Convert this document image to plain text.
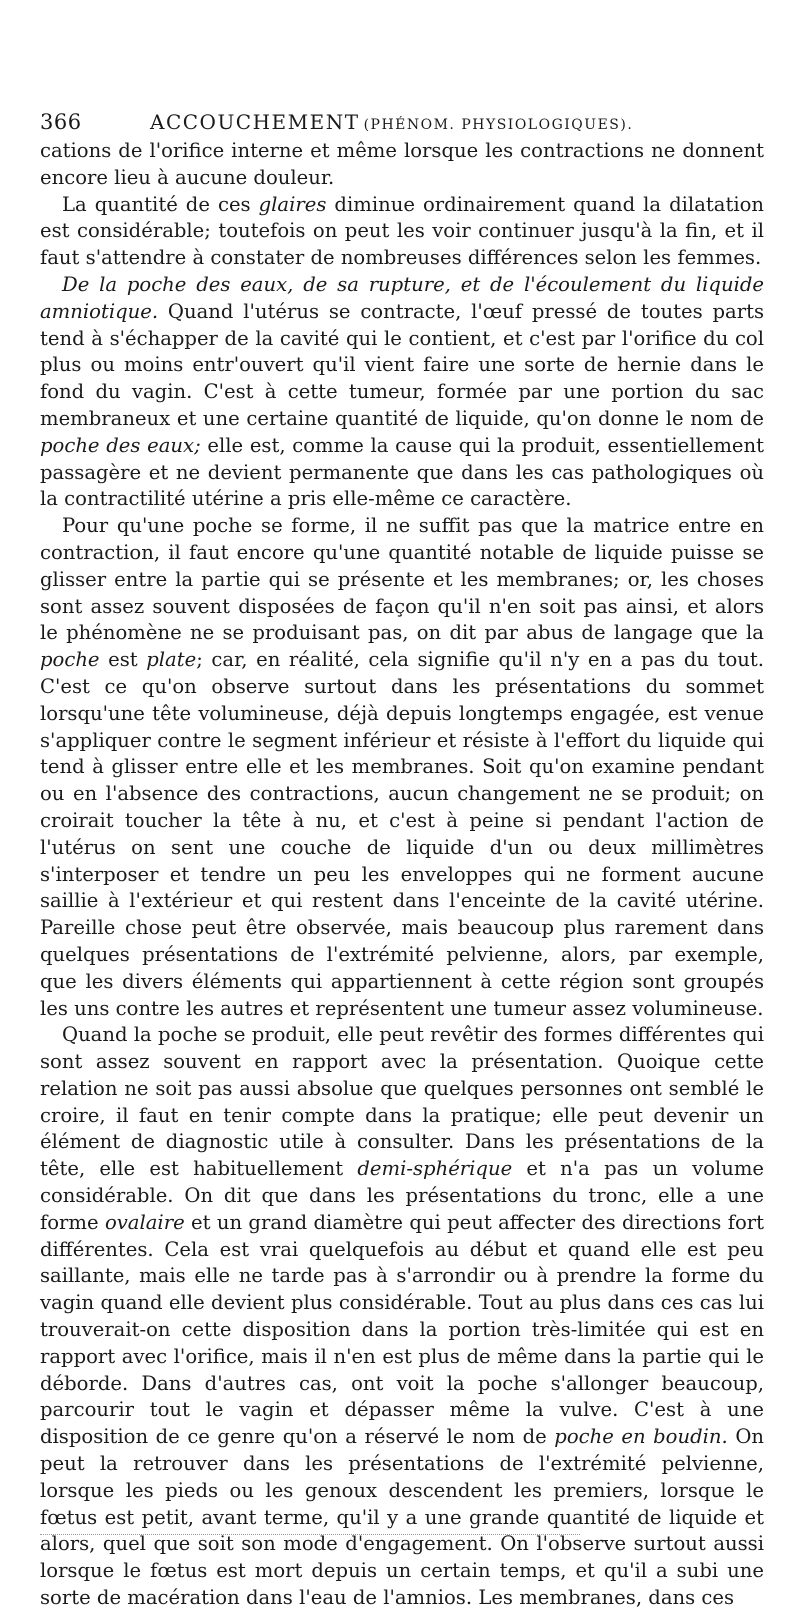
366	ACCOUCHEMENT (PHÉNOM. PHYSIOLOGIQUES).

cations de l'orifice interne et même lorsque les contractions ne donnent encore lieu à aucune douleur.

La quantité de ces glaires diminue ordinairement quand la dilatation est considérable; toutefois on peut les voir continuer jusqu'à la fin, et il faut s'attendre à constater de nombreuses différences selon les femmes.

De la poche des eaux, de sa rupture, et de l'écoulement du liquide amniotique. Quand l'utérus se contracte, l'œuf pressé de toutes parts tend à s'échapper de la cavité qui le contient, et c'est par l'orifice du col plus ou moins entr'ouvert qu'il vient faire une sorte de hernie dans le fond du vagin. C'est à cette tumeur, formée par une portion du sac membraneux et une certaine quantité de liquide, qu'on donne le nom de poche des eaux; elle est, comme la cause qui la produit, essentiellement passagère et ne devient permanente que dans les cas pathologiques où la contractilité utérine a pris elle-même ce caractère.

Pour qu'une poche se forme, il ne suffit pas que la matrice entre en contraction, il faut encore qu'une quantité notable de liquide puisse se glisser entre la partie qui se présente et les membranes; or, les choses sont assez souvent disposées de façon qu'il n'en soit pas ainsi, et alors le phénomène ne se produisant pas, on dit par abus de langage que la poche est plate; car, en réalité, cela signifie qu'il n'y en a pas du tout. C'est ce qu'on observe surtout dans les présentations du sommet lorsqu'une tête volumineuse, déjà depuis longtemps engagée, est venue s'appliquer contre le segment inférieur et résiste à l'effort du liquide qui tend à glisser entre elle et les membranes. Soit qu'on examine pendant ou en l'absence des contractions, aucun changement ne se produit; on croirait toucher la tête à nu, et c'est à peine si pendant l'action de l'utérus on sent une couche de liquide d'un ou deux millimètres s'interposer et tendre un peu les enveloppes qui ne forment aucune saillie à l'extérieur et qui restent dans l'enceinte de la cavité utérine. Pareille chose peut être observée, mais beaucoup plus rarement dans quelques présentations de l'extrémité pelvienne, alors, par exemple, que les divers éléments qui appartiennent à cette région sont groupés les uns contre les autres et représentent une tumeur assez volumineuse.

Quand la poche se produit, elle peut revêtir des formes différentes qui sont assez souvent en rapport avec la présentation. Quoique cette relation ne soit pas aussi absolue que quelques personnes ont semblé le croire, il faut en tenir compte dans la pratique; elle peut devenir un élément de diagnostic utile à consulter. Dans les présentations de la tête, elle est habituellement demi-sphérique et n'a pas un volume considérable. On dit que dans les présentations du tronc, elle a une forme ovalaire et un grand diamètre qui peut affecter des directions fort différentes. Cela est vrai quelquefois au début et quand elle est peu saillante, mais elle ne tarde pas à s'arrondir ou à prendre la forme du vagin quand elle devient plus considérable. Tout au plus dans ces cas lui trouverait-on cette disposition dans la portion très-limitée qui est en rapport avec l'orifice, mais il n'en est plus de même dans la partie qui le déborde. Dans d'autres cas, ont voit la poche s'allonger beaucoup, parcourir tout le vagin et dépasser même la vulve. C'est à une disposition de ce genre qu'on a réservé le nom de poche en boudin. On peut la retrouver dans les présentations de l'extrémité pelvienne, lorsque les pieds ou les genoux descendent les premiers, lorsque le fœtus est petit, avant terme, qu'il y a une grande quantité de liquide et alors, quel que soit son mode d'engagement. On l'observe surtout aussi lorsque le fœtus est mort depuis un certain temps, et qu'il a subi une sorte de macération dans l'eau de l'amnios. Les membranes, dans ces
